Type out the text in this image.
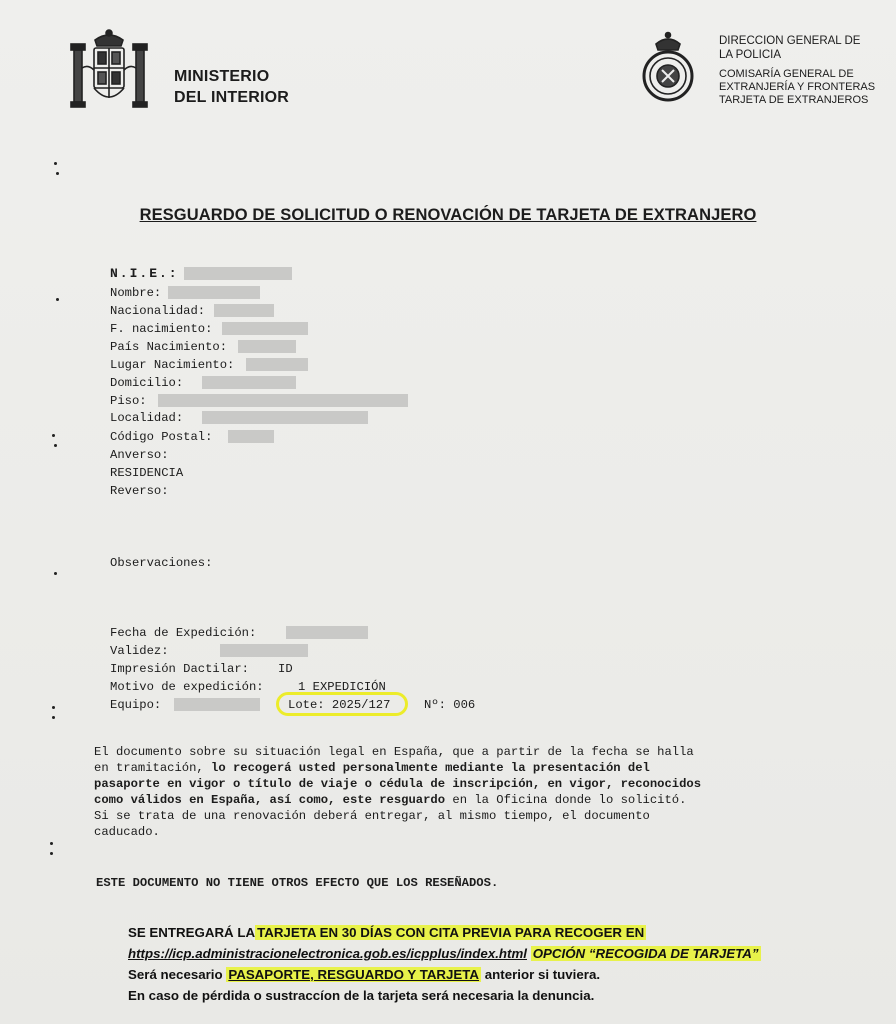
MINISTERIO
DEL INTERIOR
DIRECCION GENERAL DE
LA POLICIA
COMISARÍA GENERAL DE
EXTRANJERÍA Y FRONTERAS
TARJETA DE EXTRANJEROS
RESGUARDO DE SOLICITUD O RENOVACIÓN DE TARJETA DE EXTRANJERO
N.I.E.:
Nombre:
Nacionalidad:
F. nacimiento:
País Nacimiento:
Lugar Nacimiento:
Domicilio:
Piso:
Localidad:
Código Postal:
Anverso:
RESIDENCIA
Reverso:
Observaciones:
Fecha de Expedición:
Validez:
Impresión Dactilar: ID
Motivo de expedición:	1 EXPEDICIÓN
Equipo:	Lote: 2025/127	Nº: 006

El documento sobre su situación legal en España, que a partir de la fecha se halla

en tramitación, lo recogerá usted personalmente mediante la presentación del

pasaporte en vigor o título de viaje o cédula de inscripción, en vigor, reconocidos

como válidos en España, así como, este resguardo en la Oficina donde lo solicitó.

Si se trata de una renovación deberá entregar, al mismo tiempo, el documento

caducado.

ESTE DOCUMENTO NO TIENE OTROS EFECTO QUE LOS RESEÑADOS.
SE ENTREGARÁ LA TARJETA EN 30 DÍAS CON CITA PREVIA PARA RECOGER EN
https://icp.administracionelectronica.gob.es/icpplus/index.html OPCIÓN “RECOGIDA DE TARJETA”
Será necesario PASAPORTE, RESGUARDO Y TARJETA anterior si tuviera.
En caso de pérdida o sustraccíon de la tarjeta será necesaria la denuncia.
